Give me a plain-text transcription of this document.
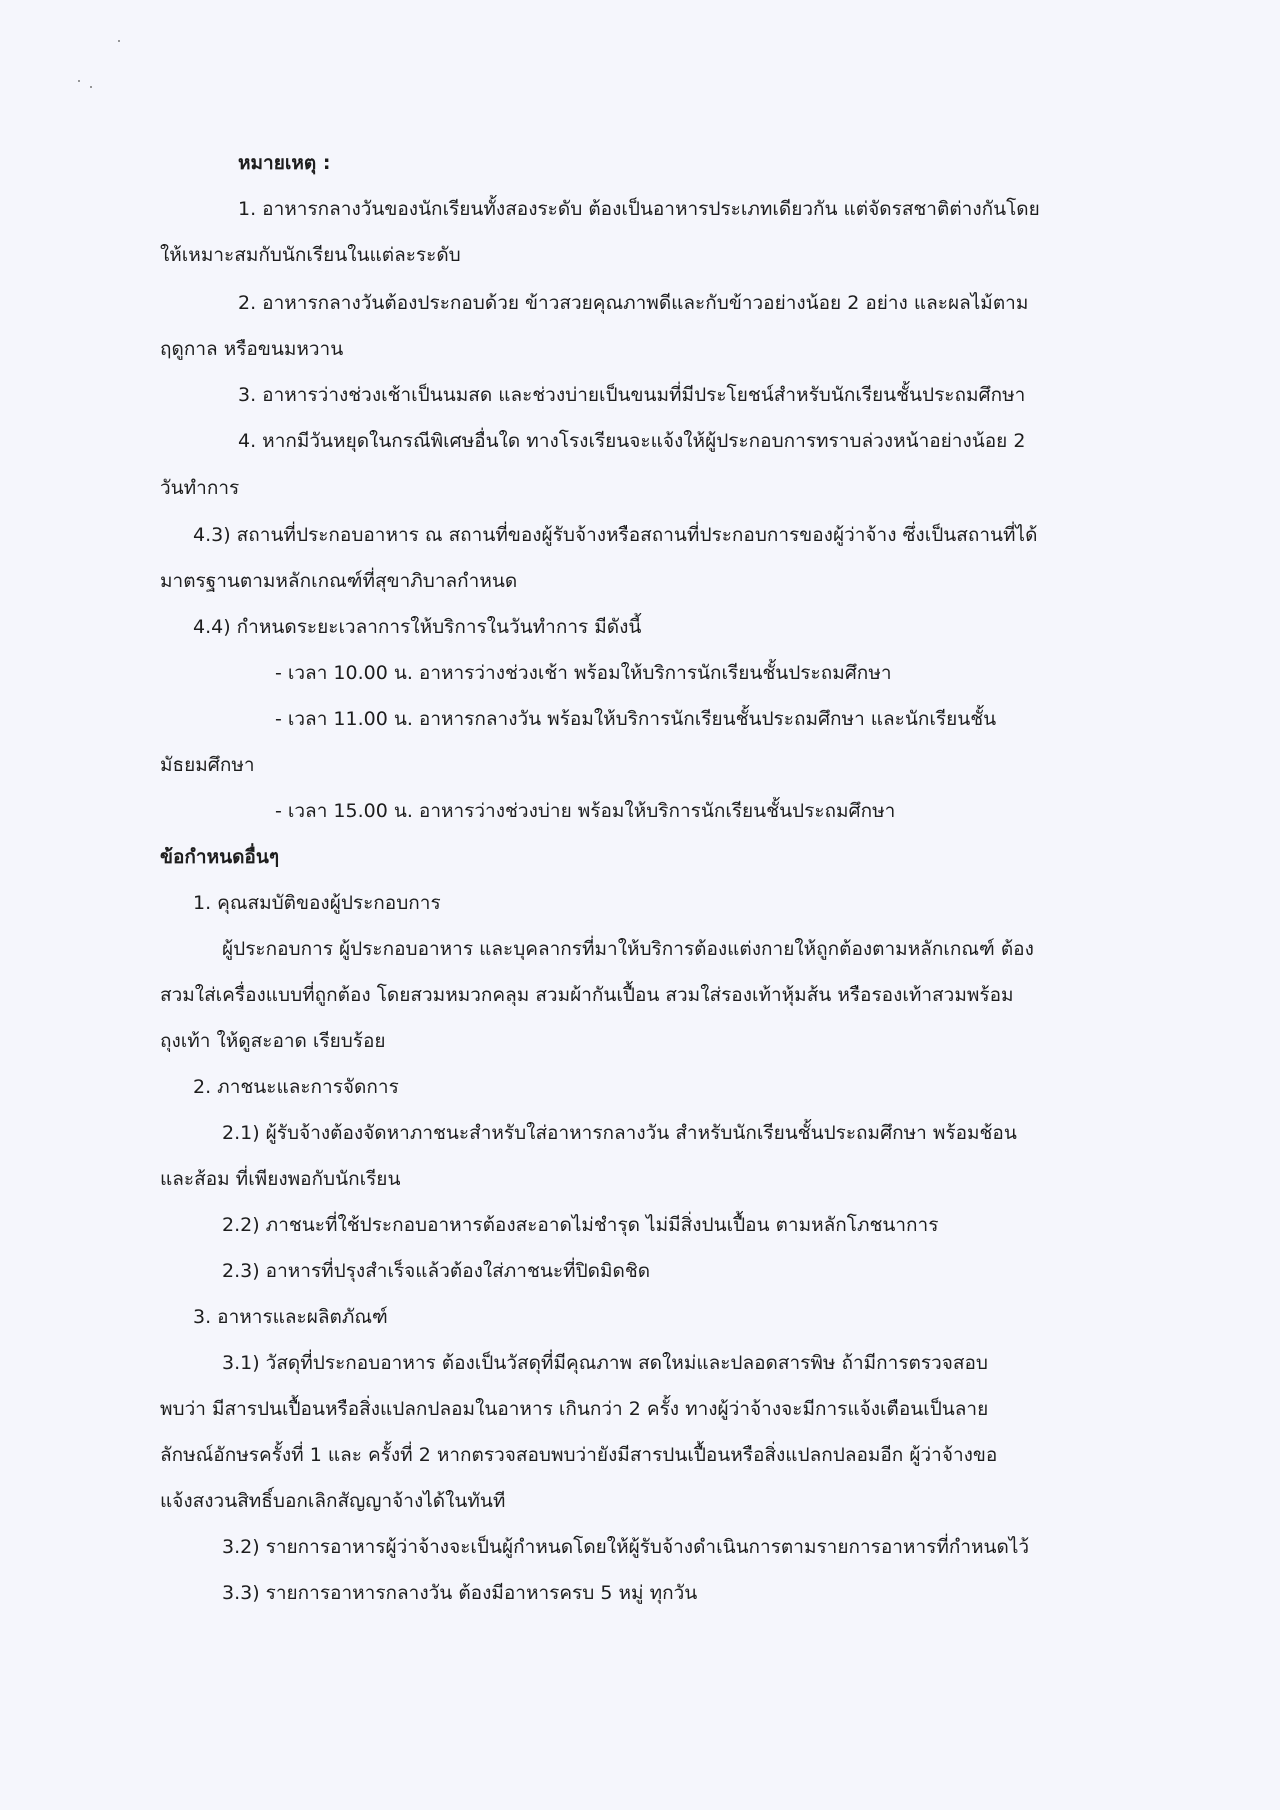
หมายเหตุ :

1. อาหารกลางวันของนักเรียนทั้งสองระดับ ต้องเป็นอาหารประเภทเดียวกัน แต่จัดรสชาติต่างกันโดย

ให้เหมาะสมกับนักเรียนในแต่ละระดับ

2. อาหารกลางวันต้องประกอบด้วย ข้าวสวยคุณภาพดีและกับข้าวอย่างน้อย 2 อย่าง และผลไม้ตาม

ฤดูกาล หรือขนมหวาน

3. อาหารว่างช่วงเช้าเป็นนมสด และช่วงบ่ายเป็นขนมที่มีประโยชน์สำหรับนักเรียนชั้นประถมศึกษา

4. หากมีวันหยุดในกรณีพิเศษอื่นใด ทางโรงเรียนจะแจ้งให้ผู้ประกอบการทราบล่วงหน้าอย่างน้อย 2

วันทำการ

4.3) สถานที่ประกอบอาหาร ณ สถานที่ของผู้รับจ้างหรือสถานที่ประกอบการของผู้ว่าจ้าง ซึ่งเป็นสถานที่ได้

มาตรฐานตามหลักเกณฑ์ที่สุขาภิบาลกำหนด

4.4) กำหนดระยะเวลาการให้บริการในวันทำการ มีดังนี้

- เวลา 10.00 น. อาหารว่างช่วงเช้า พร้อมให้บริการนักเรียนชั้นประถมศึกษา

- เวลา 11.00 น. อาหารกลางวัน พร้อมให้บริการนักเรียนชั้นประถมศึกษา และนักเรียนชั้น

มัธยมศึกษา

- เวลา 15.00 น. อาหารว่างช่วงบ่าย พร้อมให้บริการนักเรียนชั้นประถมศึกษา

ข้อกำหนดอื่นๆ

1. คุณสมบัติของผู้ประกอบการ

ผู้ประกอบการ ผู้ประกอบอาหาร และบุคลากรที่มาให้บริการต้องแต่งกายให้ถูกต้องตามหลักเกณฑ์ ต้อง

สวมใส่เครื่องแบบที่ถูกต้อง โดยสวมหมวกคลุม สวมผ้ากันเปื้อน สวมใส่รองเท้าหุ้มส้น หรือรองเท้าสวมพร้อม

ถุงเท้า ให้ดูสะอาด เรียบร้อย

2. ภาชนะและการจัดการ

2.1) ผู้รับจ้างต้องจัดหาภาชนะสำหรับใส่อาหารกลางวัน สำหรับนักเรียนชั้นประถมศึกษา พร้อมช้อน

และส้อม ที่เพียงพอกับนักเรียน

2.2) ภาชนะที่ใช้ประกอบอาหารต้องสะอาดไม่ชำรุด ไม่มีสิ่งปนเปื้อน ตามหลักโภชนาการ

2.3) อาหารที่ปรุงสำเร็จแล้วต้องใส่ภาชนะที่ปิดมิดชิด

3. อาหารและผลิตภัณฑ์

3.1) วัสดุที่ประกอบอาหาร ต้องเป็นวัสดุที่มีคุณภาพ สดใหม่และปลอดสารพิษ ถ้ามีการตรวจสอบ

พบว่า มีสารปนเปื้อนหรือสิ่งแปลกปลอมในอาหาร เกินกว่า 2 ครั้ง ทางผู้ว่าจ้างจะมีการแจ้งเตือนเป็นลาย

ลักษณ์อักษรครั้งที่ 1 และ ครั้งที่ 2 หากตรวจสอบพบว่ายังมีสารปนเปื้อนหรือสิ่งแปลกปลอมอีก ผู้ว่าจ้างขอ

แจ้งสงวนสิทธิ์บอกเลิกสัญญาจ้างได้ในทันที

3.2) รายการอาหารผู้ว่าจ้างจะเป็นผู้กำหนดโดยให้ผู้รับจ้างดำเนินการตามรายการอาหารที่กำหนดไว้

3.3) รายการอาหารกลางวัน ต้องมีอาหารครบ 5 หมู่ ทุกวัน
